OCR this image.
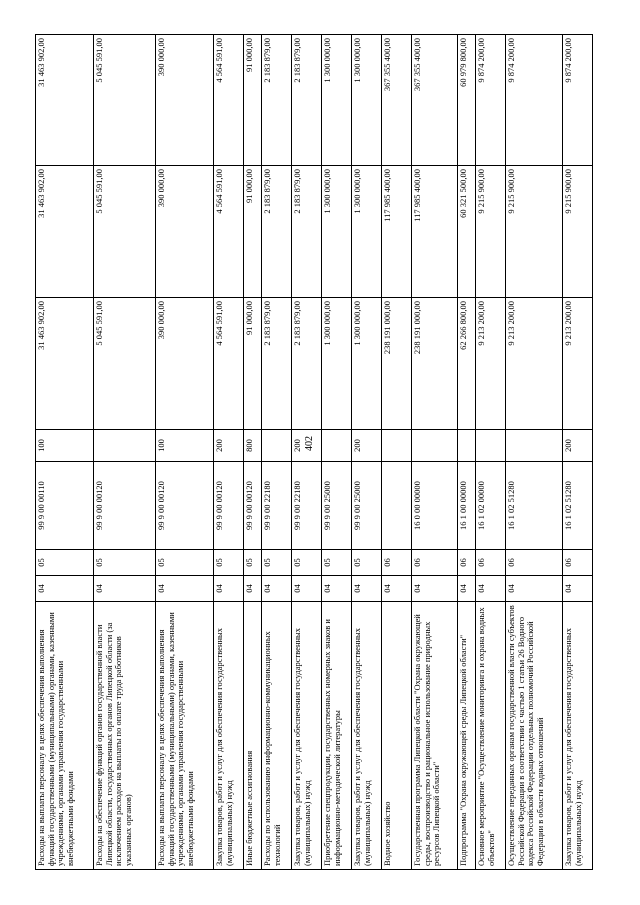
402
Расходы на выплаты персоналу в целях обеспечения выполнения функций государственными (муниципальными) органами, казенными учреждениями, органами управления государственными внебюджетными фондами	04	05	99 9 00 00110	100	31 463 902,00	31 463 902,00	31 463 902,00
Расходы на обеспечение функций органов государственной власти Липецкой области, государственных органов Липецкой области (за исключением расходов на выплаты по оплате труда работников указанных органов)	04	05	99 9 00 00120		5 045 591,00	5 045 591,00	5 045 591,00
Расходы на выплаты персоналу в целях обеспечения выполнения функций государственными (муниципальными) органами, казенными учреждениями, органами управления государственными внебюджетными фондами	04	05	99 9 00 00120	100	390 000,00	390 000,00	390 000,00
Закупка товаров, работ и услуг для обеспечения государственных (муниципальных) нужд	04	05	99 9 00 00120	200	4 564 591,00	4 564 591,00	4 564 591,00
Иные бюджетные ассигнования	04	05	99 9 00 00120	800	91 000,00	91 000,00	91 000,00
Расходы по использованию информационно-коммуникационных технологий	04	05	99 9 00 22180		2 183 879,00	2 183 879,00	2 183 879,00
Закупка товаров, работ и услуг для обеспечения государственных (муниципальных) нужд	04	05	99 9 00 22180	200	2 183 879,00	2 183 879,00	2 183 879,00
Приобретение спецпродукции, государственных номерных знаков и информационно-методической литературы	04	05	99 9 00 25000		1 300 000,00	1 300 000,00	1 300 000,00
Закупка товаров, работ и услуг для обеспечения государственных (муниципальных) нужд	04	05	99 9 00 25000	200	1 300 000,00	1 300 000,00	1 300 000,00
Водное хозяйство	04	06			238 191 000,00	117 985 400,00	367 355 400,00
Государственная программа Липецкой области "Охрана окружающей среды, воспроизводство и рациональное использование природных ресурсов Липецкой области"	04	06	16 0 00 00000		238 191 000,00	117 985 400,00	367 355 400,00
Подпрограмма "Охрана окружающей среды Липецкой области"	04	06	16 1 00 00000		62 266 800,00	60 321 500,00	60 979 800,00
Основное мероприятие "Осуществление мониторинга и охрана водных объектов"	04	06	16 1 02 00000		9 213 200,00	9 215 900,00	9 874 200,00
Осуществление переданных органам государственной власти субъектов Российской Федерации в соответствии с частью 1 статьи 26 Водного кодекса Российской Федерации отдельных полномочий Российской Федерации в области водных отношений	04	06	16 1 02 51280		9 213 200,00	9 215 900,00	9 874 200,00
Закупка товаров, работ и услуг для обеспечения государственных (муниципальных) нужд	04	06	16 1 02 51280	200	9 213 200,00	9 215 900,00	9 874 200,00
